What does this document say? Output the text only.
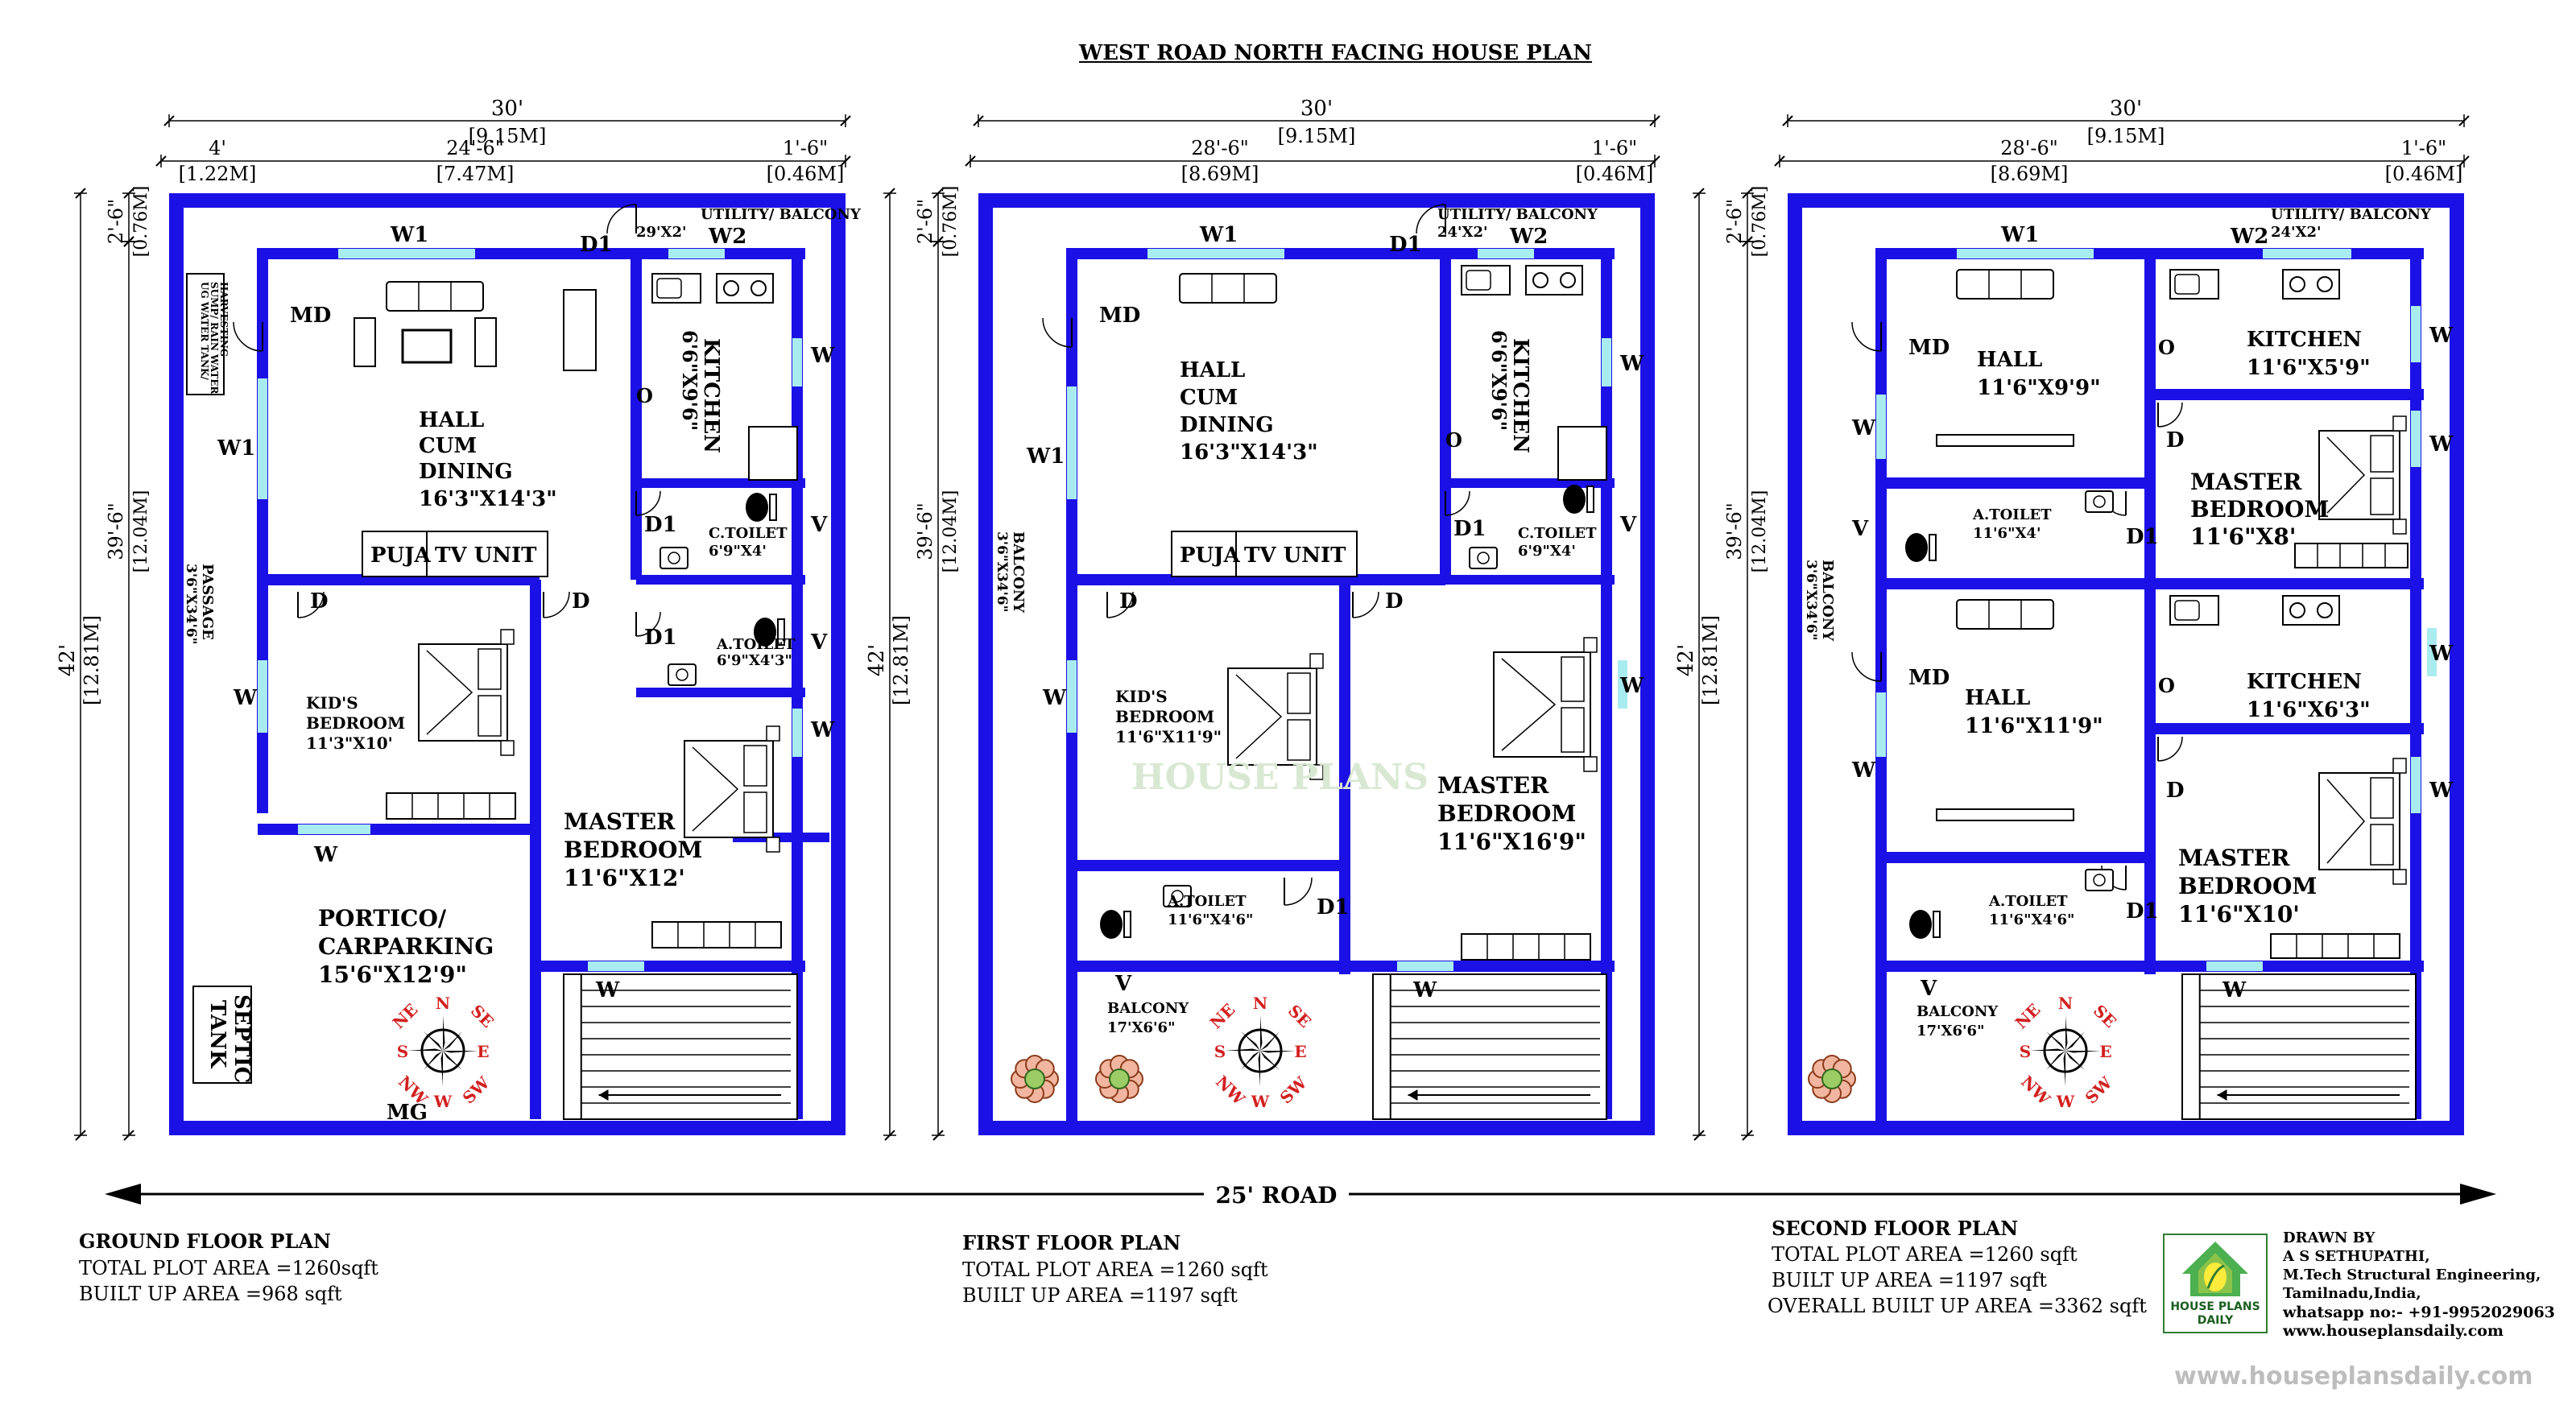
WEST ROAD NORTH FACING HOUSE PLAN
30'
[9.15M]
1'-6"
[0.46M]
42' [12.81M]
2'-6" [0.76M]
39'-6" [12.04M]
4'
[1.22M]
24'-6"
[7.47M]
UG WATER TANK/
SUMP/ RAIN WATER
HARVESTING
N
E
W
S
NE	SE
NW SW
W1	D1
UTILITY/ BALCONY
29'X2' W2
MD
HALL
CUM
DINING
16'3"X14'3"
KITCHEN
6'6"X9'6"
O
W1
PUJA TV UNIT
PASSAGE
3'6"X34'6"
D1 C.TOILET
6'9"X4'
V
D1	A.TOILET
6'9"X4'3"
V
D	D
KID'S
BEDROOM
11'3"X10'
W
W
W
W
MASTER
BEDROOM
11'6"X12'
PORTICO/
CARPARKING
15'6"X12'9"
SEPTIC
TANK
MG
W
30'
[9.15M]
1'-6"
[0.46M]
42' [12.81M]
2'-6" [0.76M]
39'-6" [12.04M]
28'-6"
[8.69M]
N
E
W
S
NE	SE
NW SW
W1	D1
UTILITY/ BALCONY
24'X2' W2
MD
HALL
CUM
DINING
16'3"X14'3"	KITCHEN
6'6"X9'6"
O
W1
PUJA TV UNIT
BALCONY
3'6"X34'6"
D1 C.TOILET
6'9"X4'
V
D	D
KID'S
BEDROOM
11'6"X11'9"
W
W
W
MASTER
BEDROOM
11'6"X16'9"
A.TOILET
11'6"X4'6"
D1
V
BALCONY
17'X6'6"
W
HOUSE PLANS
30'
[9.15M]
1'-6"
[0.46M]
42' [12.81M]
2'-6" [0.76M]
39'-6" [12.04M]
28'-6"
[8.69M]
N
E
W
S
NE	SE
NW SW
W1	W2
UTILITY/ BALCONY
24'X2'
MD HALL
11'6"X9'9"
KITCHEN
11'6"X5'9"
O
W
V
A.TOILET
11'6"X4'	D1
D
MASTER
BEDROOM
11'6"X8'
W
W
W
W
BALCONY
3'6"X34'6"
MD
HALL
11'6"X11'9"
KITCHEN
11'6"X6'3"
O
W
D
MASTER
BEDROOM
11'6"X10'
A.TOILET
11'6"X4'6" D1
V
BALCONY
17'X6'6"
W
25' ROAD
GROUND FLOOR PLAN
TOTAL PLOT AREA =1260sqft
BUILT UP AREA =968 sqft
FIRST FLOOR PLAN
TOTAL PLOT AREA =1260 sqft
BUILT UP AREA =1197 sqft
SECOND FLOOR PLAN
TOTAL PLOT AREA =1260 sqft
BUILT UP AREA =1197 sqft
OVERALL BUILT UP AREA =3362 sqft	HOUSE PLANS
DAILY
DRAWN BY
A S SETHUPATHI,
M.Tech Structural Engineering,
Tamilnadu,India,
whatsapp no:- +91-9952029063
www.houseplansdaily.com
www.houseplansdaily.com
